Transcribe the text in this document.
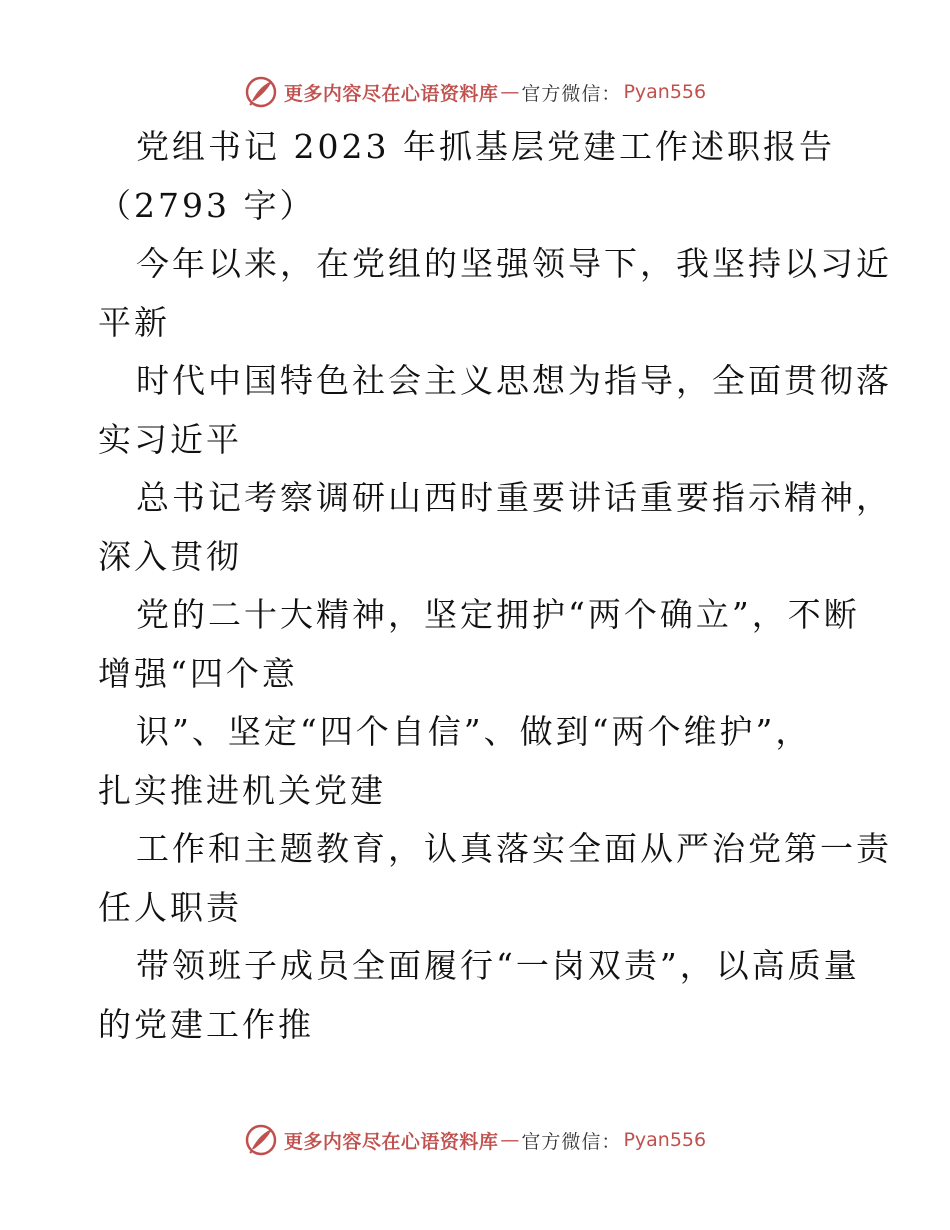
更多内容尽在心语资料库 — 官方微信： Pyan556
党组书记 2023 年抓基层党建工作述职报告
（2793 字）
今年以来，在党组的坚强领导下，我坚持以习近
平新
时代中国特色社会主义思想为指导，全面贯彻落
实习近平
总书记考察调研山西时重要讲话重要指示精神，
深入贯彻
党的二十大精神，坚定拥护“两个确立”，不断
增强“四个意
识”、坚定“四个自信”、做到“两个维护”，
扎实推进机关党建
工作和主题教育，认真落实全面从严治党第一责
任人职责
带领班子成员全面履行“一岗双责”，以高质量
的党建工作推
更多内容尽在心语资料库 — 官方微信： Pyan556
